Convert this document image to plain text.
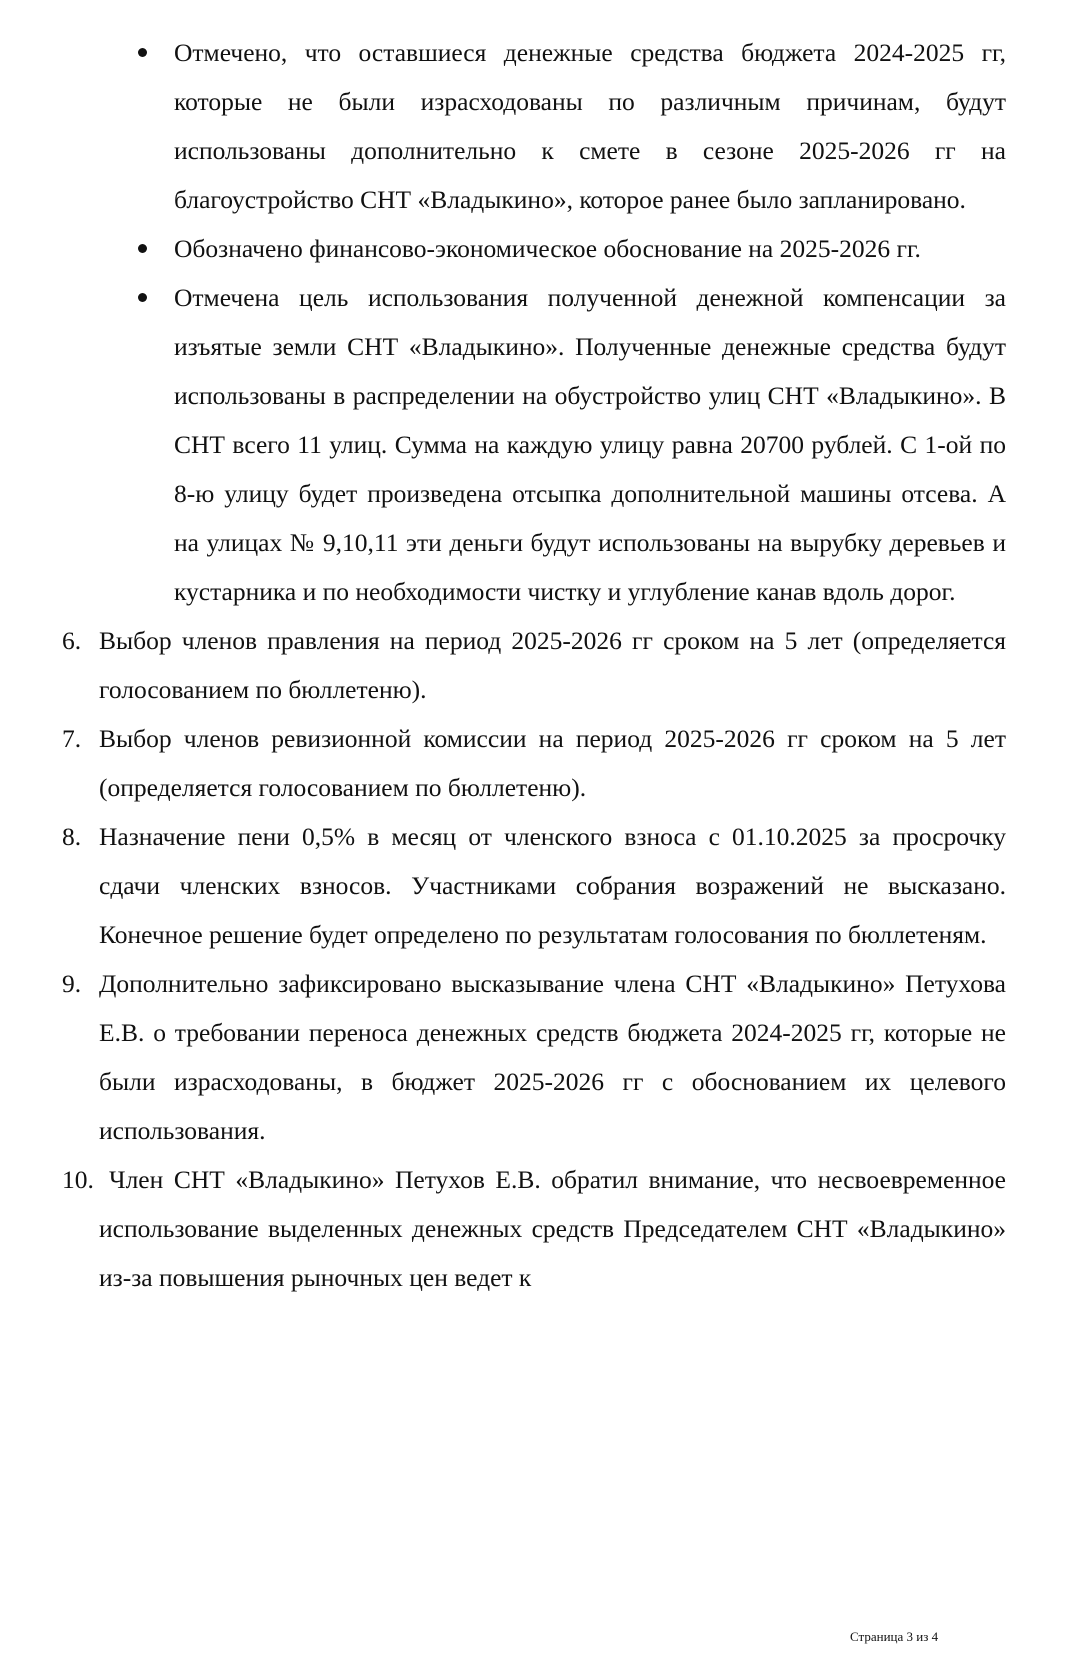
Отмечено, что оставшиеся денежные средства бюджета 2024-2025 гг, которые не были израсходованы по различным причинам, будут использованы дополнительно к смете в сезоне 2025-2026 гг на благоустройство СНТ «Владыкино», которое ранее было запланировано.
Обозначено финансово-экономическое обоснование на 2025-2026 гг.
Отмечена цель использования полученной денежной компенсации за изъятые земли СНТ «Владыкино». Полученные денежные средства будут использованы в распределении на обустройство улиц СНТ «Владыкино». В СНТ всего 11 улиц. Сумма на каждую улицу равна 20700 рублей. С 1-ой по 8-ю улицу будет произведена отсыпка дополнительной машины отсева. А на улицах № 9,10,11 эти деньги будут использованы на вырубку деревьев и кустарника и по необходимости чистку и углубление канав вдоль дорог.
6. Выбор членов правления на период 2025-2026 гг сроком на 5 лет (определяется голосованием по бюллетеню).
7. Выбор членов ревизионной комиссии на период 2025-2026 гг сроком на 5 лет (определяется голосованием по бюллетеню).
8. Назначение пени 0,5% в месяц от членского взноса с 01.10.2025 за просрочку сдачи членских взносов. Участниками собрания возражений не высказано. Конечное решение будет определено по результатам голосования по бюллетеням.
9. Дополнительно зафиксировано высказывание члена СНТ «Владыкино» Петухова Е.В. о требовании переноса денежных средств бюджета 2024-2025 гг, которые не были израсходованы, в бюджет 2025-2026 гг с обоснованием их целевого использования.
10. Член СНТ «Владыкино» Петухов Е.В. обратил внимание, что несвоевременное использование выделенных денежных средств Председателем СНТ «Владыкино» из-за повышения рыночных цен ведет к
Страница 3 из 4
